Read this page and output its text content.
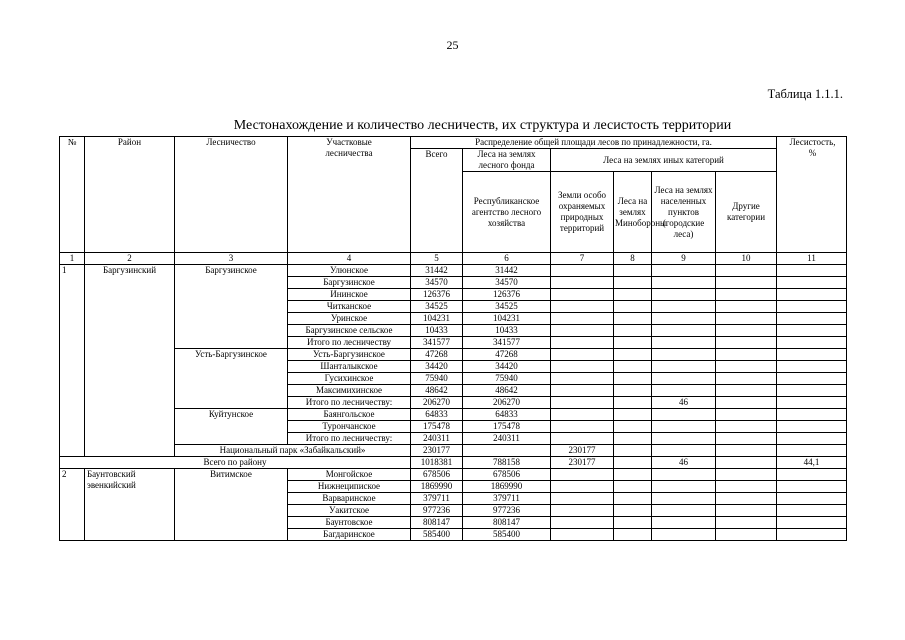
25
Таблица 1.1.1.
Местонахождение и количество лесничеств, их структура и лесистость территории
№	Район	Лесничество	Участковые лесничества	Распределение общей площади лесов по принадлежности, га.						Лесистость, %
				Всего	Леса на землях лесного фонда	Леса на землях иных категорий				
					Республиканское агентство лесного хозяйства	Земли особо охраняемых природных территорий	Леса на землях Минобороны	Леса на землях населенных пунктов (городские леса)	Другие категории	
1	2	3	4	5	6	7	8	9	10	11
1	Баргузинский	Баргузинское	Улюнское	31442	31442					
			Баргузинское	34570	34570					
			Ининское	126376	126376					
			Читканское	34525	34525					
			Уринское	104231	104231					
			Баргузинское сельское	10433	10433					
			Итого по лесничеству	341577	341577					
		Усть-Баргузинское	Усть-Баргузинское	47268	47268					
			Шанталыкское	34420	34420					
			Гусихинское	75940	75940					
			Максимихинское	48642	48642					
			Итого по лесничеству:	206270	206270			46		
		Куйтунское	Баянгольское	64833	64833					
			Турончанское	175478	175478					
			Итого по лесничеству:	240311	240311					
		Национальный парк «Забайкальский»		230177		230177				
Всего по району				1018381	788158	230177		46		44,1
2	Баунтовский эвенкийский	Витимское	Монгойское	678506	678506					
			Нижнеципиское	1869990	1869990					
			Варваринское	379711	379711					
			Уакитское	977236	977236					
			Баунтовское	808147	808147					
			Багдаринское	585400	585400					
